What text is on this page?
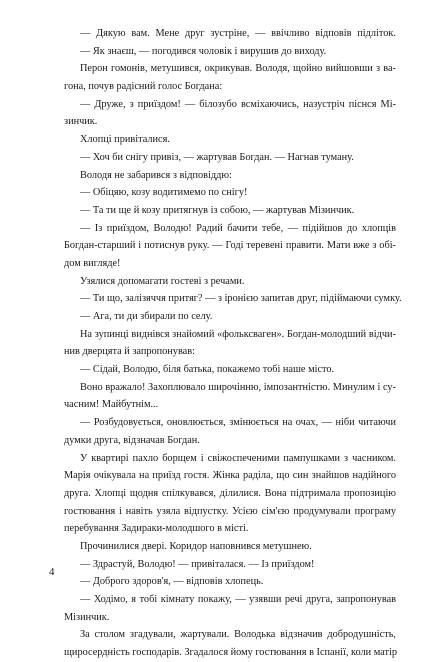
— Дякую вам. Мене друг зустріне, — ввічливо відповів підліток.
— Як знаєш, — погодився чоловік і вирушив до виходу.
Перон гомонів, метушився, окрикував. Володя, щойно вийшовши з ва-
гона, почув радісний голос Богдана:
— Друже, з приїздом! — білозубо всміхаючись, назустріч піснся Мі-
зинчик.
Хлопці привіталися.
— Хоч би снігу привіз, — жартував Богдан. — Нагнав туману.
Володя не забарився з відповіддю:
— Обіцяю, козу водитимемо по снігу!
— Та ти ще й козу притягнув із собою, — жартував Мізинчик.
— Із приїздом, Володю! Радий бачити тебе, — підійшов до хлопців
Богдан-старший і потиснув руку. — Годі теревені правити. Мати вже з обі-
дом вигляде!
Узялися допомагати гостеві з речами.
— Ти що, залізяччя притяг? — з іронією запитав друг, підіймаючи сумку.
— Ага, ти ди збирали по селу.
На зупинці виднівся знайомий «фольксваген». Богдан-молодший відчи-
нив дверцята й запропонував:
— Сідай, Володю, біля батька, покажемо тобі наше місто.
Воно вражало! Захоплювало широчінню, імпозантністю. Минулим і су-
часним! Майбутнім...
— Розбудовується, оновлюється, змінюється на очах, — ніби читаючи
думки друга, відзначав Богдан.
У квартирі пахло борщем і свіжоспеченими пампушками з часником.
Марія очікувала на приїзд гостя. Жінка раділа, що син знайшов надійного
друга. Хлопці щодня спілкувався, ділилися. Вона підтримала пропозицію
гостювання і навіть узяла відпустку. Усією сім'єю продумували програму
перебування Задираки-молодшого в місті.
Прочинилися двері. Коридор наповнився метушнею.
— Здрастуй, Володю! — привіталася. — Із приїздом!
— Доброго здоров'я, — відповів хлопець.
— Ходімо, я тобі кімнату покажу, — узявши речі друга, запропонував
Мізинчик.
За столом згадували, жартували. Володька відзначив добродушність,
щиросердність господарів. Згадалося йому гостювання в Іспанії, коли матір
4
